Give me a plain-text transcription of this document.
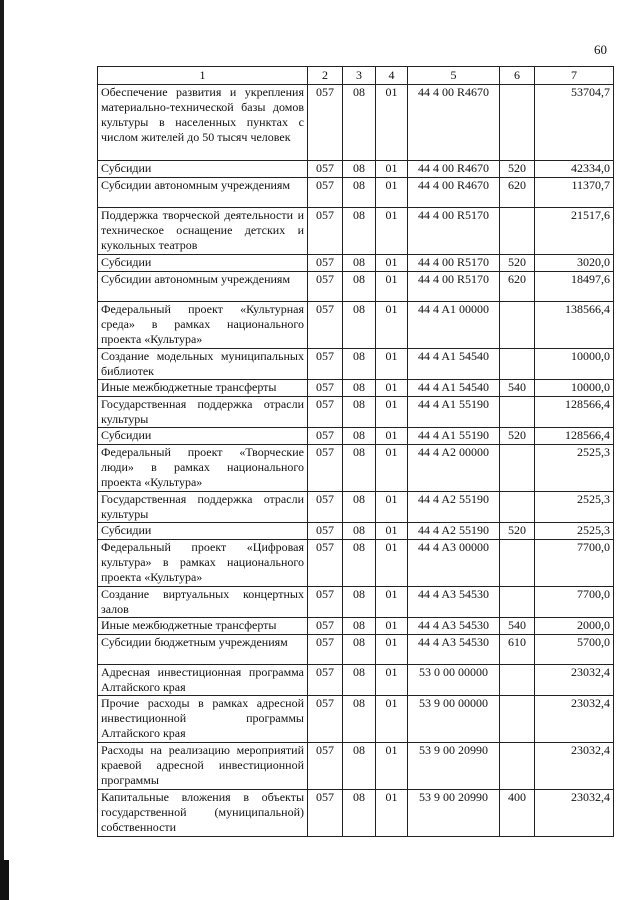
60
1	2	3	4	5	6	7
Обеспечение развития и укрепления материально-технической базы домов культуры в населенных пунктах с числом жителей до 50 тысяч человек	057	08	01	44 4 00 R4670		53704,7
Субсидии	057	08	01	44 4 00 R4670	520	42334,0
Субсидии автономным учреждениям	057	08	01	44 4 00 R4670	620	11370,7
Поддержка творческой деятельности и техническое оснащение детских и кукольных театров	057	08	01	44 4 00 R5170		21517,6
Субсидии	057	08	01	44 4 00 R5170	520	3020,0
Субсидии автономным учреждениям	057	08	01	44 4 00 R5170	620	18497,6
Федеральный проект «Культурная среда» в рамках национального проекта «Культура»	057	08	01	44 4 A1 00000		138566,4
Создание модельных муниципальных библиотек	057	08	01	44 4 A1 54540		10000,0
Иные межбюджетные трансферты	057	08	01	44 4 A1 54540	540	10000,0
Государственная поддержка отрасли культуры	057	08	01	44 4 A1 55190		128566,4
Субсидии	057	08	01	44 4 A1 55190	520	128566,4
Федеральный проект «Творческие люди» в рамках национального проекта «Культура»	057	08	01	44 4 A2 00000		2525,3
Государственная поддержка отрасли культуры	057	08	01	44 4 A2 55190		2525,3
Субсидии	057	08	01	44 4 A2 55190	520	2525,3
Федеральный проект «Цифровая культура» в рамках национального проекта «Культура»	057	08	01	44 4 A3 00000		7700,0
Создание виртуальных концертных залов	057	08	01	44 4 A3 54530		7700,0
Иные межбюджетные трансферты	057	08	01	44 4 A3 54530	540	2000,0
Субсидии бюджетным учреждениям	057	08	01	44 4 A3 54530	610	5700,0
Адресная инвестиционная программа Алтайского края	057	08	01	53 0 00 00000		23032,4
Прочие расходы в рамках адресной инвестиционной программы Алтайского края	057	08	01	53 9 00 00000		23032,4
Расходы на реализацию мероприятий краевой адресной инвестиционной программы	057	08	01	53 9 00 20990		23032,4
Капитальные вложения в объекты государственной (муниципальной) собственности	057	08	01	53 9 00 20990	400	23032,4
